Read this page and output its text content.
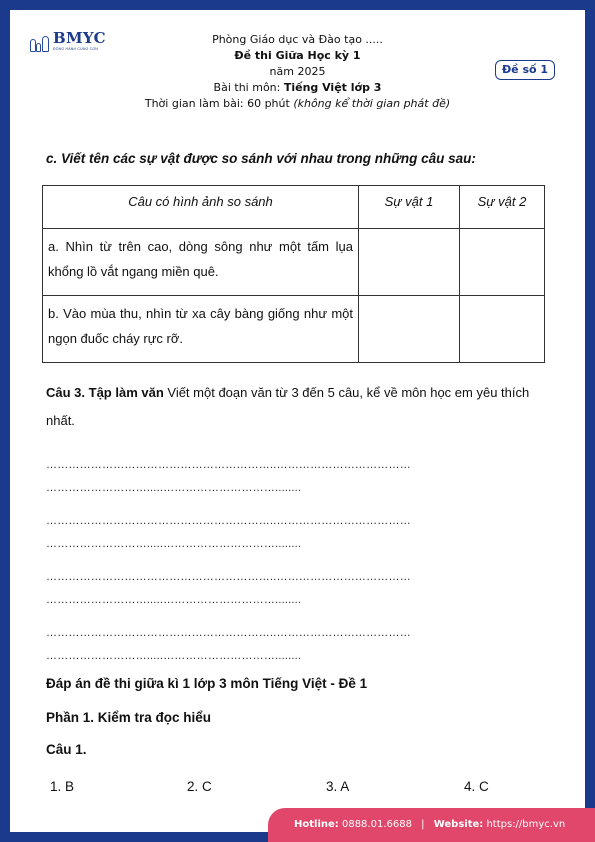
BMYC
ĐỒNG HÀNH CÙNG CON
Phòng Giáo dục và Đào tạo .....
Đề thi Giữa Học kỳ 1
năm 2025
Bài thi môn: Tiếng Việt lớp 3
Thời gian làm bài: 60 phút (không kể thời gian phát đề)
Đề số 1
c. Viết tên các sự vật được so sánh với nhau trong những câu sau:
Câu có hình ảnh so sánh	Sự vật 1	Sự vật 2
a. Nhìn từ trên cao, dòng sông như một tấm lụa khổng lồ vắt ngang miền quê.		
b. Vào mùa thu, nhìn từ xa cây bàng giống như một ngọn đuốc cháy rực rỡ.		
Câu 3. Tập làm văn Viết một đoạn văn từ 3 đến 5 câu, kể về môn học em yêu thích nhất.
……………………………………………………..………………………………
……………………….....…………………………........
……………………………………………………..………………………………
……………………….....…………………………........
……………………………………………………..………………………………
……………………….....…………………………........
……………………………………………………..………………………………
……………………….....…………………………........
Đáp án đề thi giữa kì 1 lớp 3 môn Tiếng Việt - Đề 1
Phần 1. Kiểm tra đọc hiểu
Câu 1.
1. B	2. C	3. A	4. C
Hotline: 0888.01.6688 | Website: https://bmyc.vn
